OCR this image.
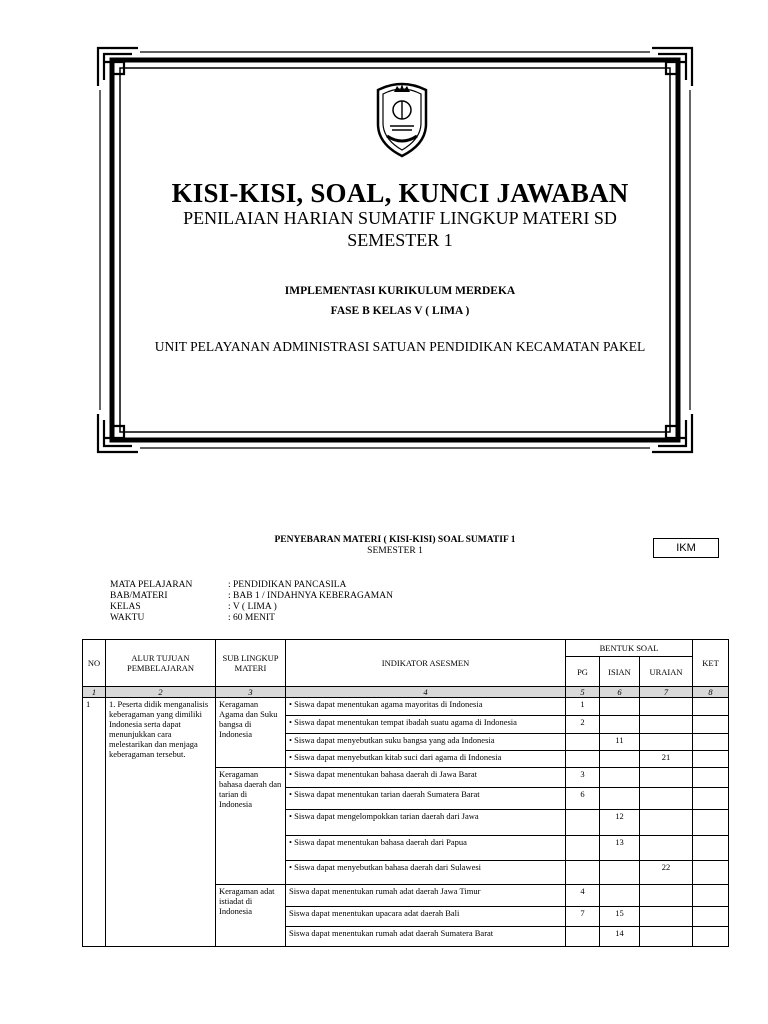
KISI-KISI, SOAL, KUNCI JAWABAN
PENILAIAN HARIAN SUMATIF LINGKUP MATERI SD
SEMESTER 1
IMPLEMENTASI KURIKULUM MERDEKA
FASE B KELAS V ( LIMA )
UNIT PELAYANAN ADMINISTRASI SATUAN PENDIDIKAN KECAMATAN PAKEL
PENYEBARAN MATERI ( KISI-KISI) SOAL SUMATIF 1
SEMESTER 1	IKM
MATA PELAJARAN	: PENDIDIKAN PANCASILA
BAB/MATERI	: BAB 1 / INDAHNYA KEBERAGAMAN
KELAS	: V ( LIMA )
WAKTU	: 60 MENIT
NO	ALUR TUJUAN PEMBELAJARAN	SUB LINGKUP MATERI	INDIKATOR ASESMEN	BENTUK SOAL			KET
				PG	ISIAN	URAIAN	
1	2	3	4	5	6	7	8
1	1. Peserta didik menganalisis keberagaman yang dimiliki Indonesia serta dapat menunjukkan cara melestarikan dan menjaga keberagaman tersebut.	Keragaman Agama dan Suku bangsa di Indonesia	• Siswa dapat menentukan agama mayoritas di Indonesia	1			
			• Siswa dapat menentukan tempat ibadah suatu agama di Indonesia	2			
			• Siswa dapat menyebutkan suku bangsa yang ada Indonesia		11		
			• Siswa dapat menyebutkan kitab suci dari agama di Indonesia			21	
		Keragaman bahasa daerah dan tarian di Indonesia	• Siswa dapat menentukan bahasa daerah di Jawa Barat	3			
			• Siswa dapat menentukan tarian daerah Sumatera Barat	6			
			• Siswa dapat mengelompokkan tarian daerah dari Jawa		12		
			• Siswa dapat menentukan bahasa daerah dari Papua		13		
			• Siswa dapat menyebutkan bahasa daerah dari Sulawesi			22	
		Keragaman adat istiadat di Indonesia	Siswa dapat menentukan rumah adat daerah Jawa Timur	4			
			Siswa dapat menentukan upacara adat daerah Bali	7	15		
			Siswa dapat menentukan rumah adat daerah Sumatera Barat		14		
